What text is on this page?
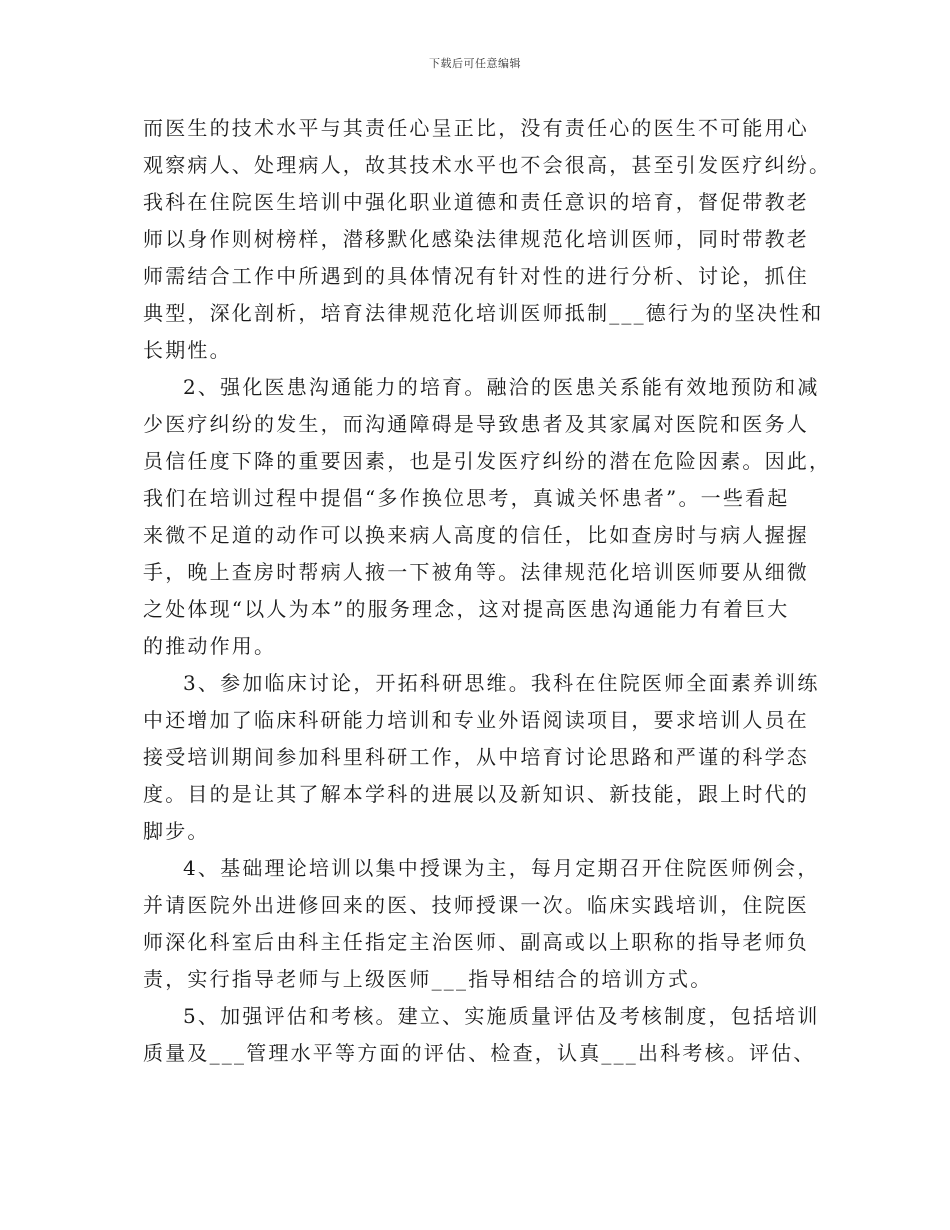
下载后可任意编辑
而医生的技术水平与其责任心呈正比，没有责任心的医生不可能用心
观察病人、处理病人，故其技术水平也不会很高，甚至引发医疗纠纷。
我科在住院医生培训中强化职业道德和责任意识的培育，督促带教老
师以身作则树榜样，潜移默化感染法律规范化培训医师，同时带教老
师需结合工作中所遇到的具体情况有针对性的进行分析、讨论，抓住
典型，深化剖析，培育法律规范化培训医师抵制___德行为的坚决性和
长期性。
2、强化医患沟通能力的培育。融洽的医患关系能有效地预防和减
少医疗纠纷的发生，而沟通障碍是导致患者及其家属对医院和医务人
员信任度下降的重要因素，也是引发医疗纠纷的潜在危险因素。因此，
我们在培训过程中提倡“多作换位思考，真诚关怀患者”。一些看起
来微不足道的动作可以换来病人高度的信任，比如查房时与病人握握
手，晚上查房时帮病人掖一下被角等。法律规范化培训医师要从细微
之处体现“以人为本”的服务理念，这对提高医患沟通能力有着巨大
的推动作用。
3、参加临床讨论，开拓科研思维。我科在住院医师全面素养训练
中还增加了临床科研能力培训和专业外语阅读项目，要求培训人员在
接受培训期间参加科里科研工作，从中培育讨论思路和严谨的科学态
度。目的是让其了解本学科的进展以及新知识、新技能，跟上时代的
脚步。
4、基础理论培训以集中授课为主，每月定期召开住院医师例会，
并请医院外出进修回来的医、技师授课一次。临床实践培训，住院医
师深化科室后由科主任指定主治医师、副高或以上职称的指导老师负
责，实行指导老师与上级医师___指导相结合的培训方式。
5、加强评估和考核。建立、实施质量评估及考核制度，包括培训
质量及___管理水平等方面的评估、检查，认真___出科考核。评估、
